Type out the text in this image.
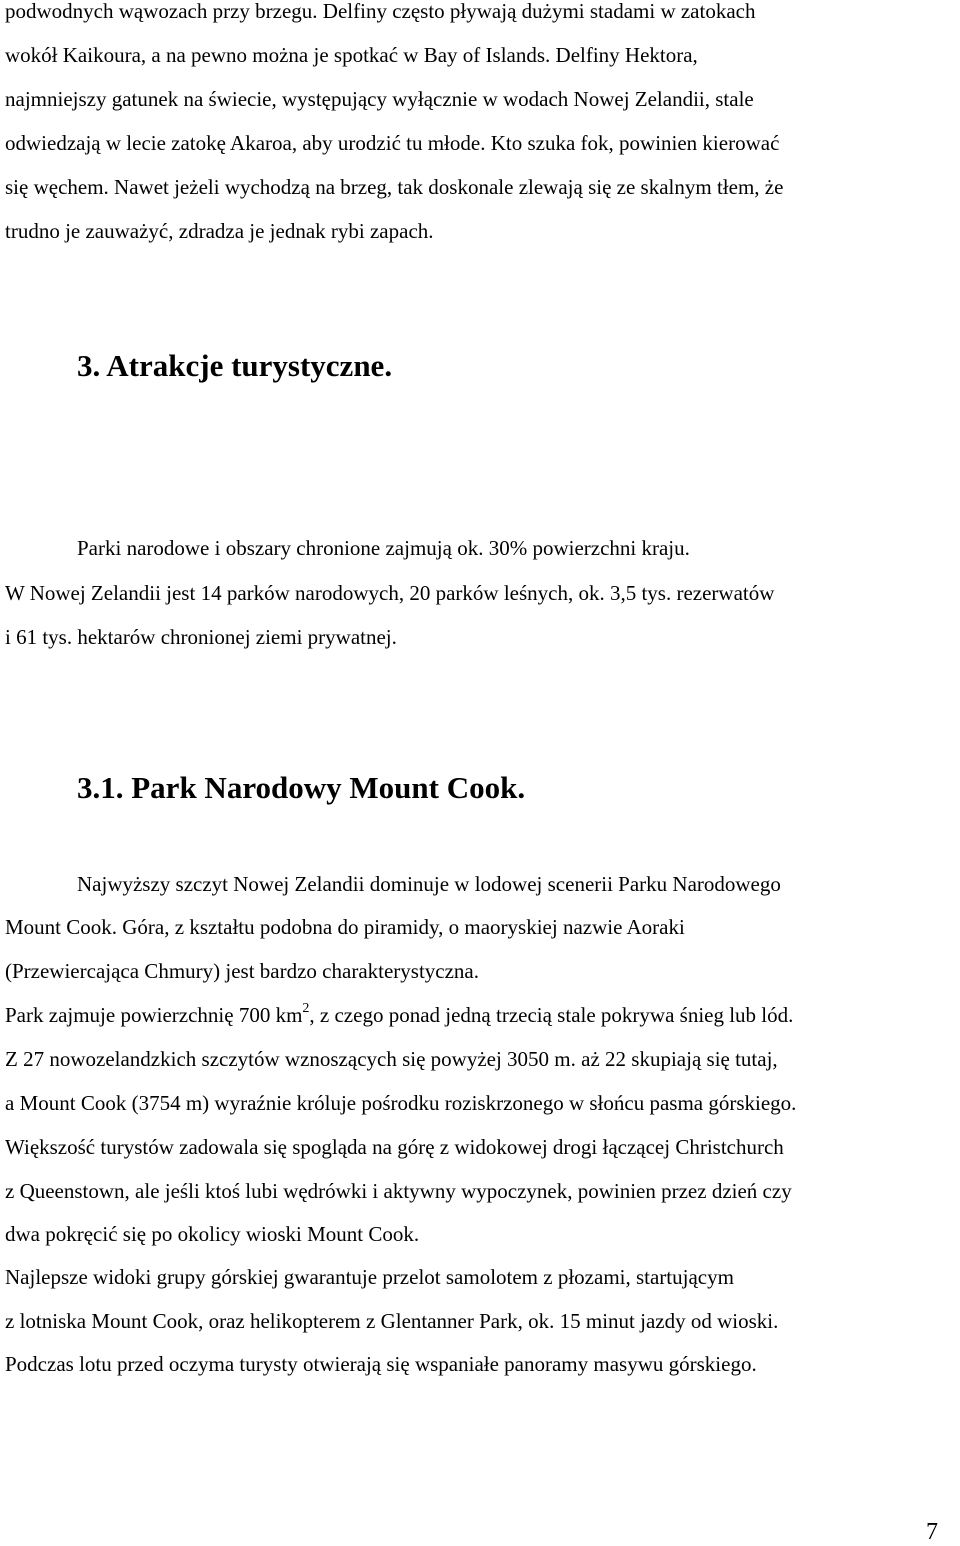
podwodnych wąwozach przy brzegu. Delfiny często pływają dużymi stadami w zatokach
wokół Kaikoura, a na pewno można je spotkać w Bay of Islands. Delfiny Hektora,
najmniejszy gatunek na świecie, występujący wyłącznie w wodach Nowej Zelandii, stale
odwiedzają w lecie zatokę Akaroa, aby urodzić tu młode. Kto szuka fok, powinien kierować
się węchem. Nawet jeżeli wychodzą na brzeg, tak doskonale zlewają się ze skalnym tłem, że
trudno je zauważyć, zdradza je jednak rybi zapach.
3. Atrakcje turystyczne.
Parki narodowe i obszary chronione zajmują ok. 30% powierzchni kraju.
W Nowej Zelandii jest 14 parków narodowych, 20 parków leśnych, ok. 3,5 tys. rezerwatów
i 61 tys. hektarów chronionej ziemi prywatnej.
3.1. Park Narodowy Mount Cook.
Najwyższy szczyt Nowej Zelandii dominuje w lodowej scenerii Parku Narodowego
Mount Cook. Góra, z kształtu podobna do piramidy, o maoryskiej nazwie Aoraki
(Przewiercająca Chmury) jest bardzo charakterystyczna.
Park zajmuje powierzchnię 700 $km^2$, z czego ponad jedną trzecią stale pokrywa śnieg lub lód.
Z 27 nowozelandzkich szczytów wznoszących się powyżej 3050 m. aż 22 skupiają się tutaj,
a Mount Cook (3754 m) wyraźnie króluje pośrodku roziskrzonego w słońcu pasma górskiego.
Większość turystów zadowala się spogląda na górę z widokowej drogi łączącej Christchurch
z Queenstown, ale jeśli ktoś lubi wędrówki i aktywny wypoczynek, powinien przez dzień czy
dwa pokręcić się po okolicy wioski Mount Cook.
Najlepsze widoki grupy górskiej gwarantuje przelot samolotem z płozami, startującym
z lotniska Mount Cook, oraz helikopterem z Glentanner Park, ok. 15 minut jazdy od wioski.
Podczas lotu przed oczyma turysty otwierają się wspaniałe panoramy masywu górskiego.
7
